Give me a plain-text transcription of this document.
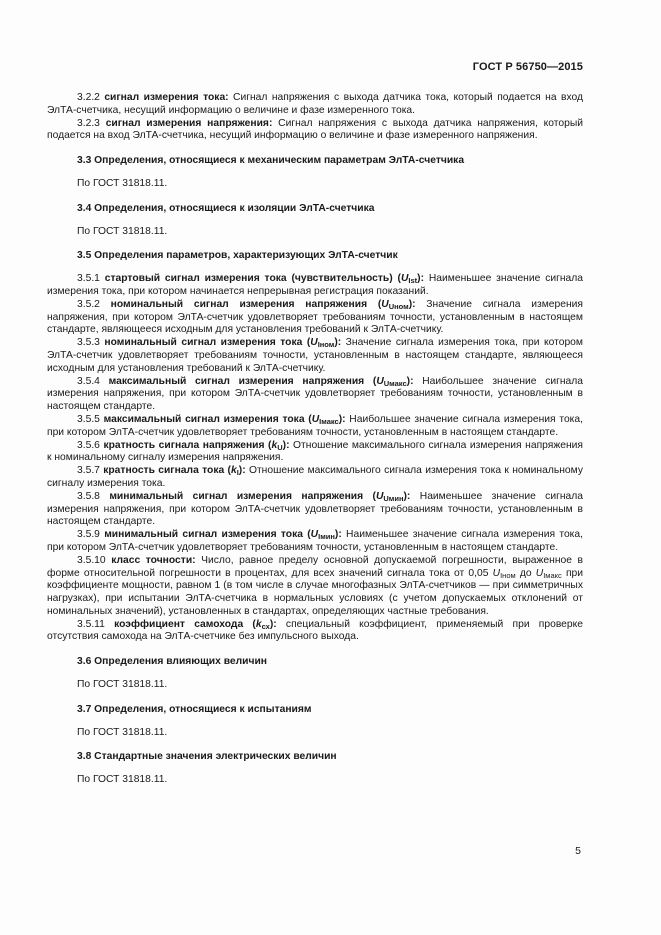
ГОСТ Р 56750—2015

3.2.2 сигнал измерения тока: Сигнал напряжения с выхода датчика тока, который подается на вход ЭлТА-счетчика, несущий информацию о величине и фазе измеренного тока.

3.2.3 сигнал измерения напряжения: Сигнал напряжения с выхода датчика напряжения, который подается на вход ЭлТА-счетчика, несущий информацию о величине и фазе измеренного напряжения.

3.3 Определения, относящиеся к механическим параметрам ЭлТА-счетчика

По ГОСТ 31818.11.

3.4 Определения, относящиеся к изоляции ЭлТА-счетчика

По ГОСТ 31818.11.

3.5 Определения параметров, характеризующих ЭлТА-счетчик

3.5.1 стартовый сигнал измерения тока (чувствительность) $(U_{Ist})$: Наименьшее значение сигнала измерения тока, при котором начинается непрерывная регистрация показаний.

3.5.2 номинальный сигнал измерения напряжения $(U_{Uном})$: Значение сигнала измерения напряжения, при котором ЭлТА-счетчик удовлетворяет требованиям точности, установленным в настоящем стандарте, являющееся исходным для установления требований к ЭлТА-счетчику.

3.5.3 номинальный сигнал измерения тока $(U_{Iном})$: Значение сигнала измерения тока, при котором ЭлТА-счетчик удовлетворяет требованиям точности, установленным в настоящем стандарте, являющееся исходным для установления требований к ЭлТА-счетчику.

3.5.4 максимальный сигнал измерения напряжения $(U_{Uмакс})$: Наибольшее значение сигнала измерения напряжения, при котором ЭлТА-счетчик удовлетворяет требованиям точности, установленным в настоящем стандарте.

3.5.5 максимальный сигнал измерения тока $(U_{Iмакс})$: Наибольшее значение сигнала измерения тока, при котором ЭлТА-счетчик удовлетворяет требованиям точности, установленным в настоящем стандарте.

3.5.6 кратность сигнала напряжения $(k_U)$: Отношение максимального сигнала измерения напряжения к номинальному сигналу измерения напряжения.

3.5.7 кратность сигнала тока $(k_I)$: Отношение максимального сигнала измерения тока к номинальному сигналу измерения тока.

3.5.8 минимальный сигнал измерения напряжения $(U_{Uмин})$: Наименьшее значение сигнала измерения напряжения, при котором ЭлТА-счетчик удовлетворяет требованиям точности, установленным в настоящем стандарте.

3.5.9 минимальный сигнал измерения тока $(U_{Iмин})$: Наименьшее значение сигнала измерения тока, при котором ЭлТА-счетчик удовлетворяет требованиям точности, установленным в настоящем стандарте.

3.5.10 класс точности: Число, равное пределу основной допускаемой погрешности, выраженное в форме относительной погрешности в процентах, для всех значений сигнала тока от 0,05 $U_{Iном}$ до $U_{Iмакс}$ при коэффициенте мощности, равном 1 (в том числе в случае многофазных ЭлТА-счетчиков — при симметричных нагрузках), при испытании ЭлТА-счетчика в нормальных условиях (с учетом допускаемых отклонений от номинальных значений), установленных в стандартах, определяющих частные требования.

3.5.11 коэффициент самохода $(k_{сх})$: специальный коэффициент, применяемый при проверке отсутствия самохода на ЭлТА-счетчике без импульсного выхода.

3.6 Определения влияющих величин

По ГОСТ 31818.11.

3.7 Определения, относящиеся к испытаниям

По ГОСТ 31818.11.

3.8 Стандартные значения электрических величин

По ГОСТ 31818.11.

5
